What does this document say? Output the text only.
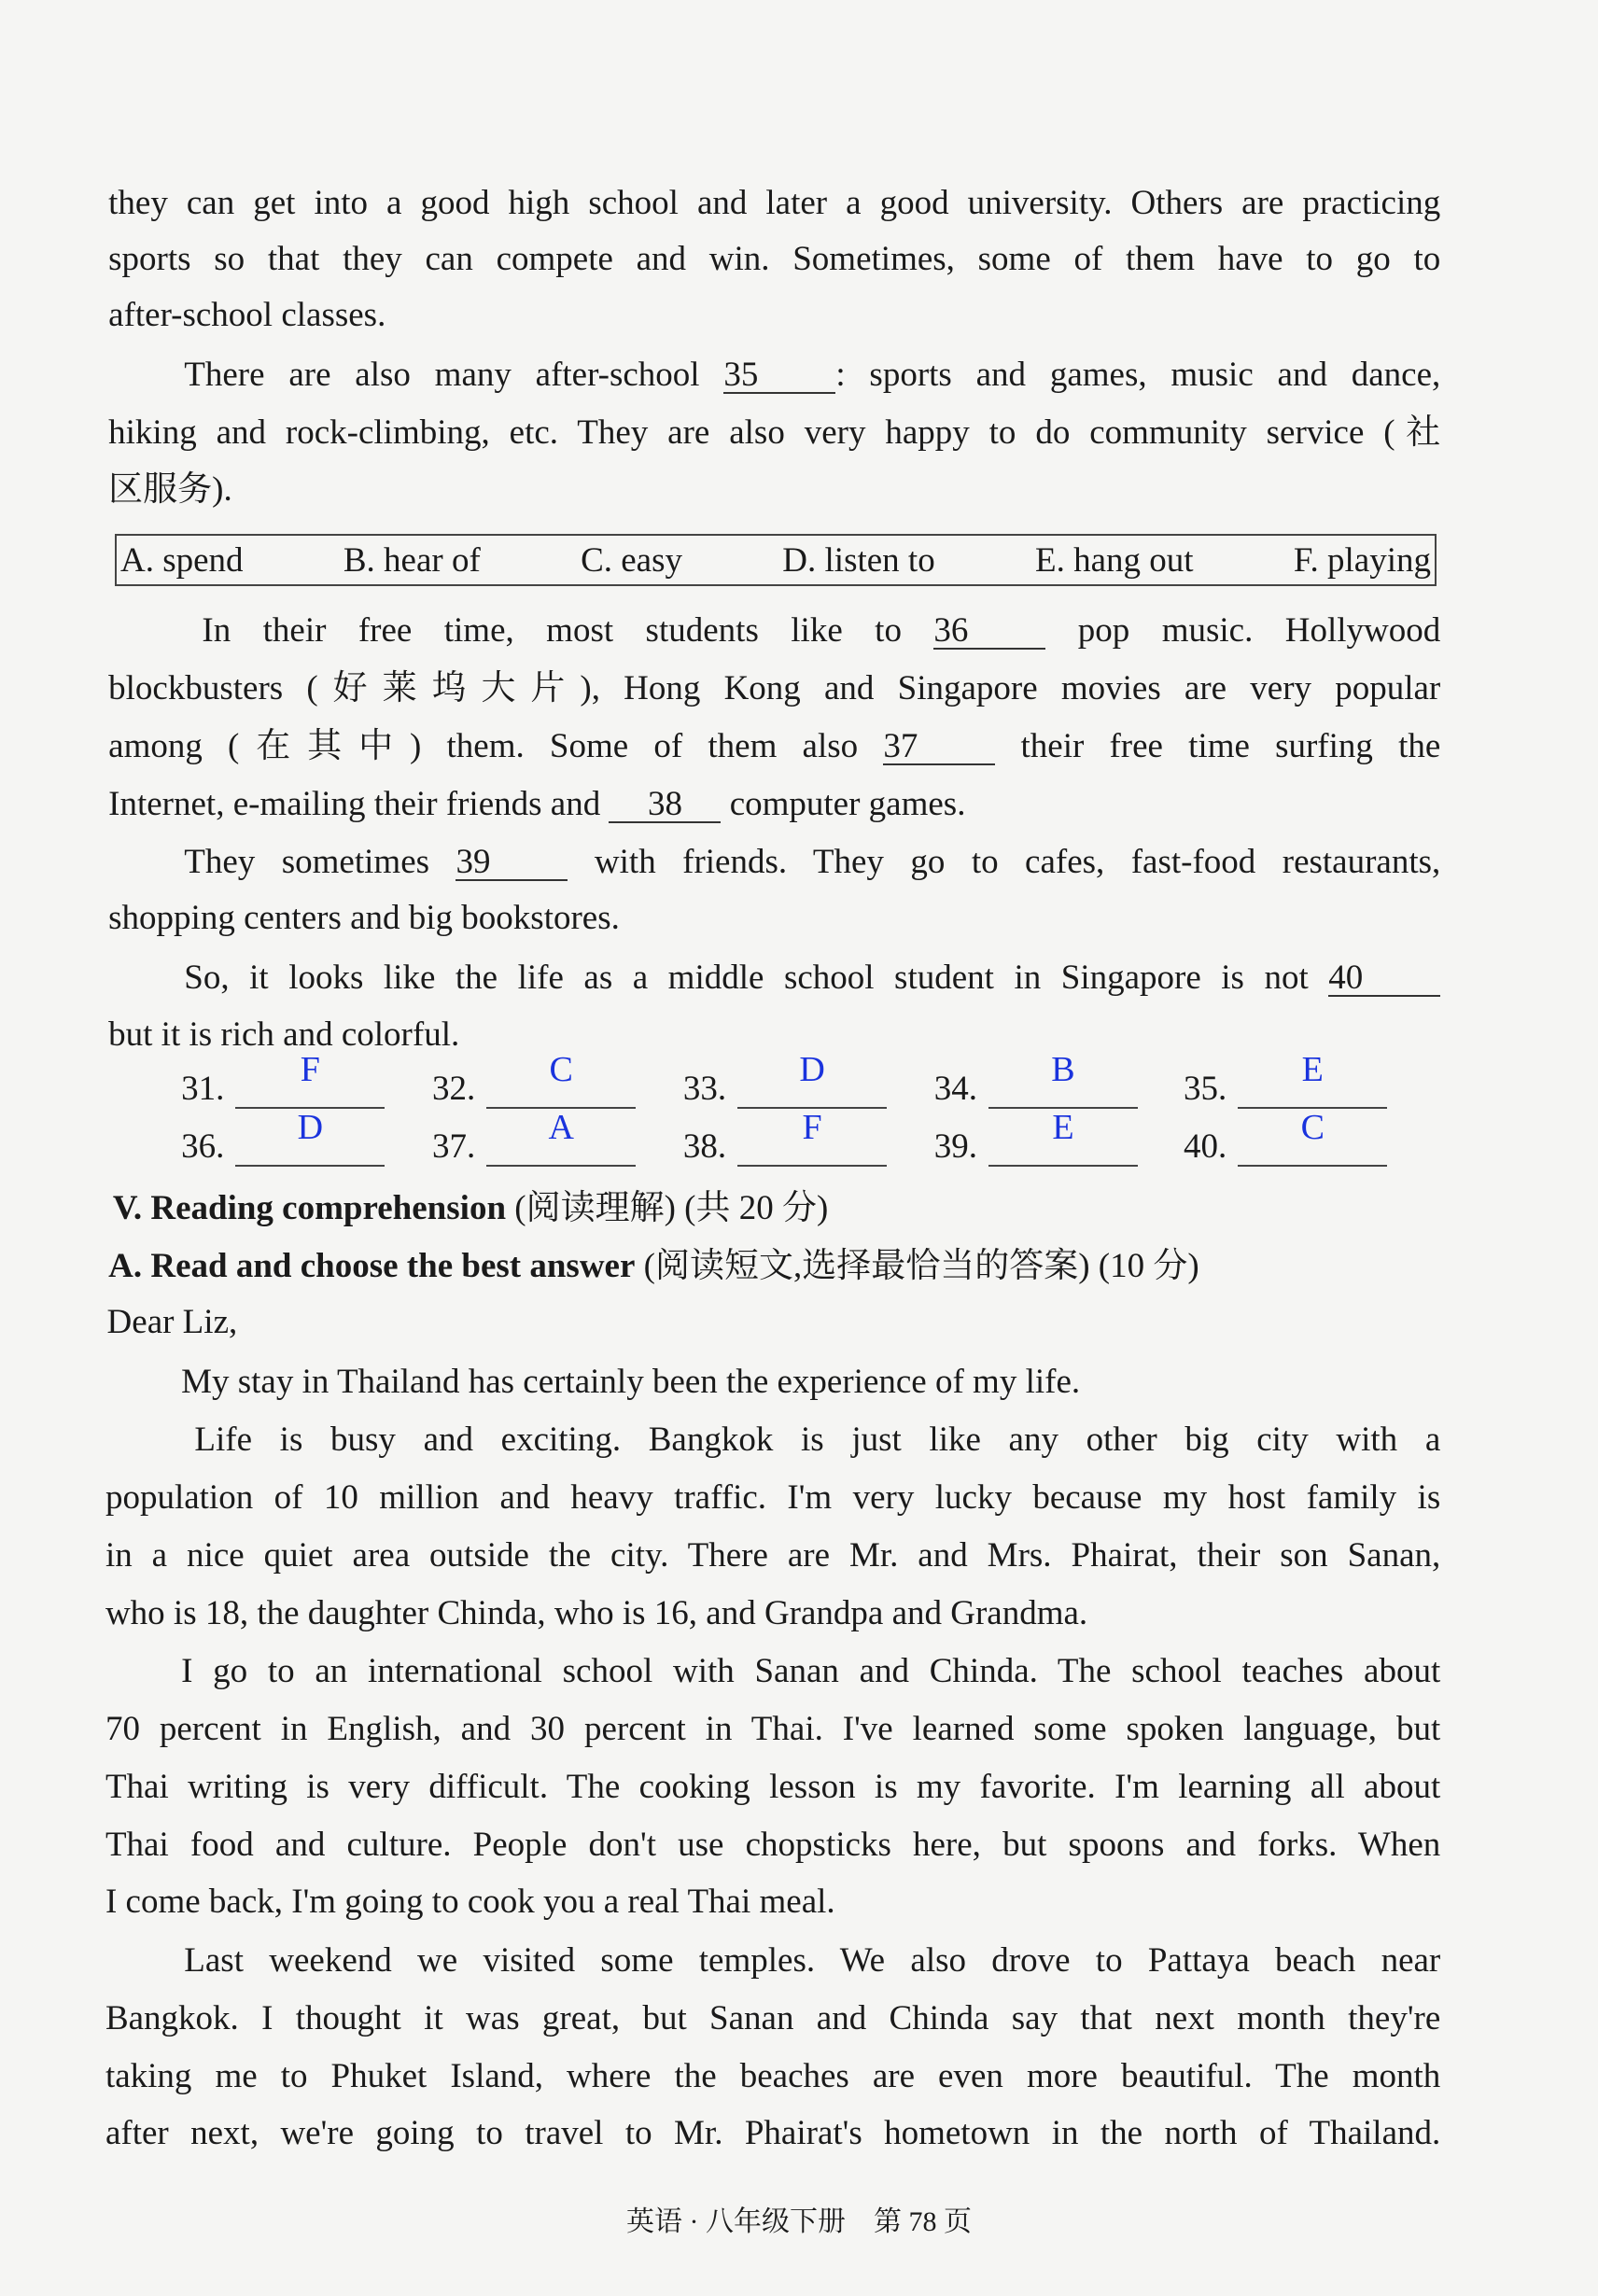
they can get into a good high school and later a good university. Others are practicing
sports so that they can compete and win. Sometimes, some of them have to go to
after-school classes.
There are also many after-school 35 : sports and games, music and dance,
hiking and rock-climbing, etc. They are also very happy to do community service (社
区服务).
In their free time, most students like to 36 pop music. Hollywood
blockbusters (好莱坞大片), Hong Kong and Singapore movies are very popular
among (在其中) them. Some of them also 37 their free time surfing the
Internet, e-mailing their friends and 38 computer games.
They sometimes 39 with friends. They go to cafes, fast-food restaurants,
shopping centers and big bookstores.
So, it looks like the life as a middle school student in Singapore is not 40
but it is rich and colorful.
V. Reading comprehension (阅读理解) (共 20 分)
A. Read and choose the best answer (阅读短文,选择最恰当的答案) (10 分)
Dear Liz,
My stay in Thailand has certainly been the experience of my life.
Life is busy and exciting. Bangkok is just like any other big city with a
population of 10 million and heavy traffic. I'm very lucky because my host family is
in a nice quiet area outside the city. There are Mr. and Mrs. Phairat, their son Sanan,
who is 18, the daughter Chinda, who is 16, and Grandpa and Grandma.
I go to an international school with Sanan and Chinda. The school teaches about
70 percent in English, and 30 percent in Thai. I've learned some spoken language, but
Thai writing is very difficult. The cooking lesson is my favorite. I'm learning all about
Thai food and culture. People don't use chopsticks here, but spoons and forks. When
I come back, I'm going to cook you a real Thai meal.
Last weekend we visited some temples. We also drove to Pattaya beach near
Bangkok. I thought it was great, but Sanan and Chinda say that next month they're
taking me to Phuket Island, where the beaches are even more beautiful. The month
after next, we're going to travel to Mr. Phairat's hometown in the north of Thailand.
A. spend	B. hear of	C. easy	D. listen to	E. hang out	F. playing
31.	F	32.	C	33.	D	34.	B	35.	E
36.	D	37.	A	38.	F	39.	E	40.	C
英语 · 八年级下册　第 78 页
